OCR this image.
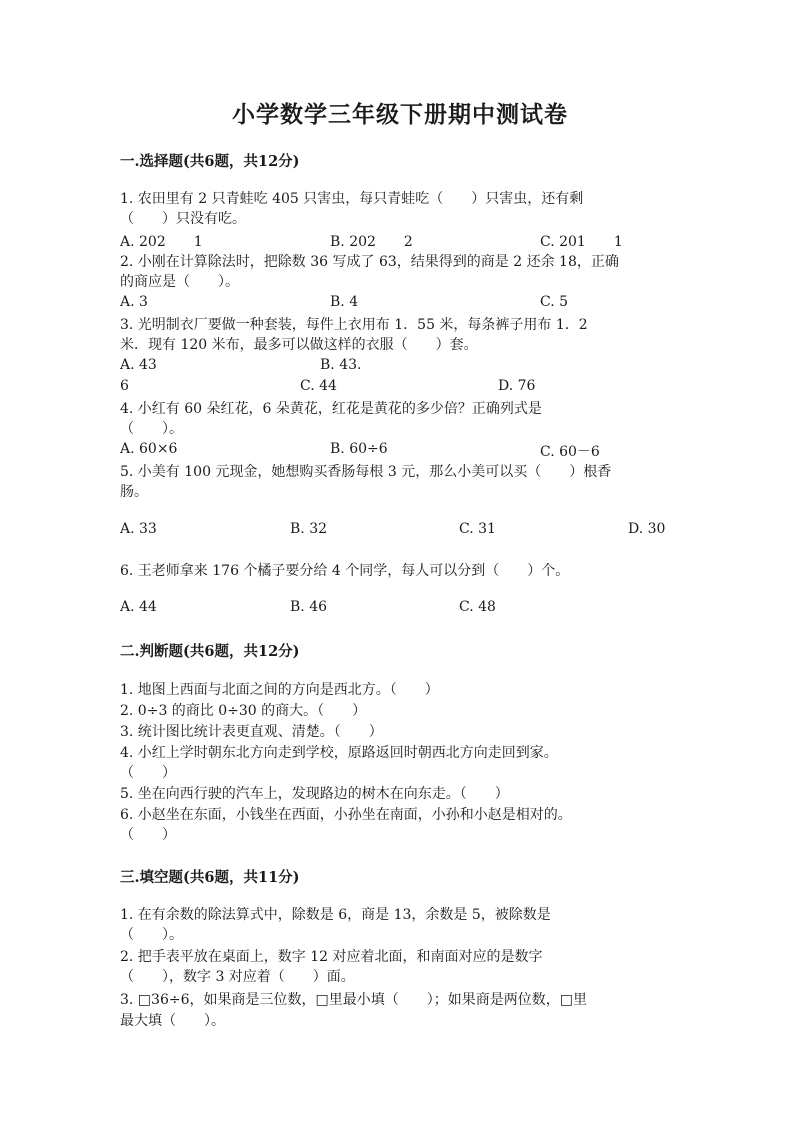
小学数学三年级下册期中测试卷
一.选择题(共6题，共12分)
1. 农田里有 2 只青蛙吃 405 只害虫，每只青蛙吃（　　）只害虫，还有剩
（　　）只没有吃。
A. 202　　1	B. 202　　2	C. 201　　1
2. 小刚在计算除法时，把除数 36 写成了 63，结果得到的商是 2 还余 18，正确
的商应是（　　）。
A. 3	B. 4	C. 5
3. 光明制衣厂要做一种套装，每件上衣用布 1．55 米，每条裤子用布 1．2
米．现有 120 米布，最多可以做这样的衣服（　　）套。
A. 43	B. 43.
6	C. 44	D. 76
4. 小红有 60 朵红花，6 朵黄花，红花是黄花的多少倍？正确列式是
（　　）。
A. 60×6	B. 60÷6	C. 60－6
5. 小美有 100 元现金，她想购买香肠每根 3 元，那么小美可以买（　　）根香
肠。
A. 33	B. 32	C. 31	D. 30
6. 王老师拿来 176 个橘子要分给 4 个同学，每人可以分到（　　）个。
A. 44	B. 46	C. 48
二.判断题(共6题，共12分)
1. 地图上西面与北面之间的方向是西北方。（　　）
2. 0÷3 的商比 0÷30 的商大。（　　）
3. 统计图比统计表更直观、清楚。（　　）
4. 小红上学时朝东北方向走到学校，原路返回时朝西北方向走回到家。
（　　）
5. 坐在向西行驶的汽车上，发现路边的树木在向东走。（　　）
6. 小赵坐在东面，小钱坐在西面，小孙坐在南面，小孙和小赵是相对的。
（　　）
三.填空题(共6题，共11分)
1. 在有余数的除法算式中，除数是 6，商是 13，余数是 5，被除数是
（　　）。
2. 把手表平放在桌面上，数字 12 对应着北面，和南面对应的是数字
（　　），数字 3 对应着（　　）面。
3. □36÷6，如果商是三位数，□里最小填（　　）；如果商是两位数，□里
最大填（　　）。
